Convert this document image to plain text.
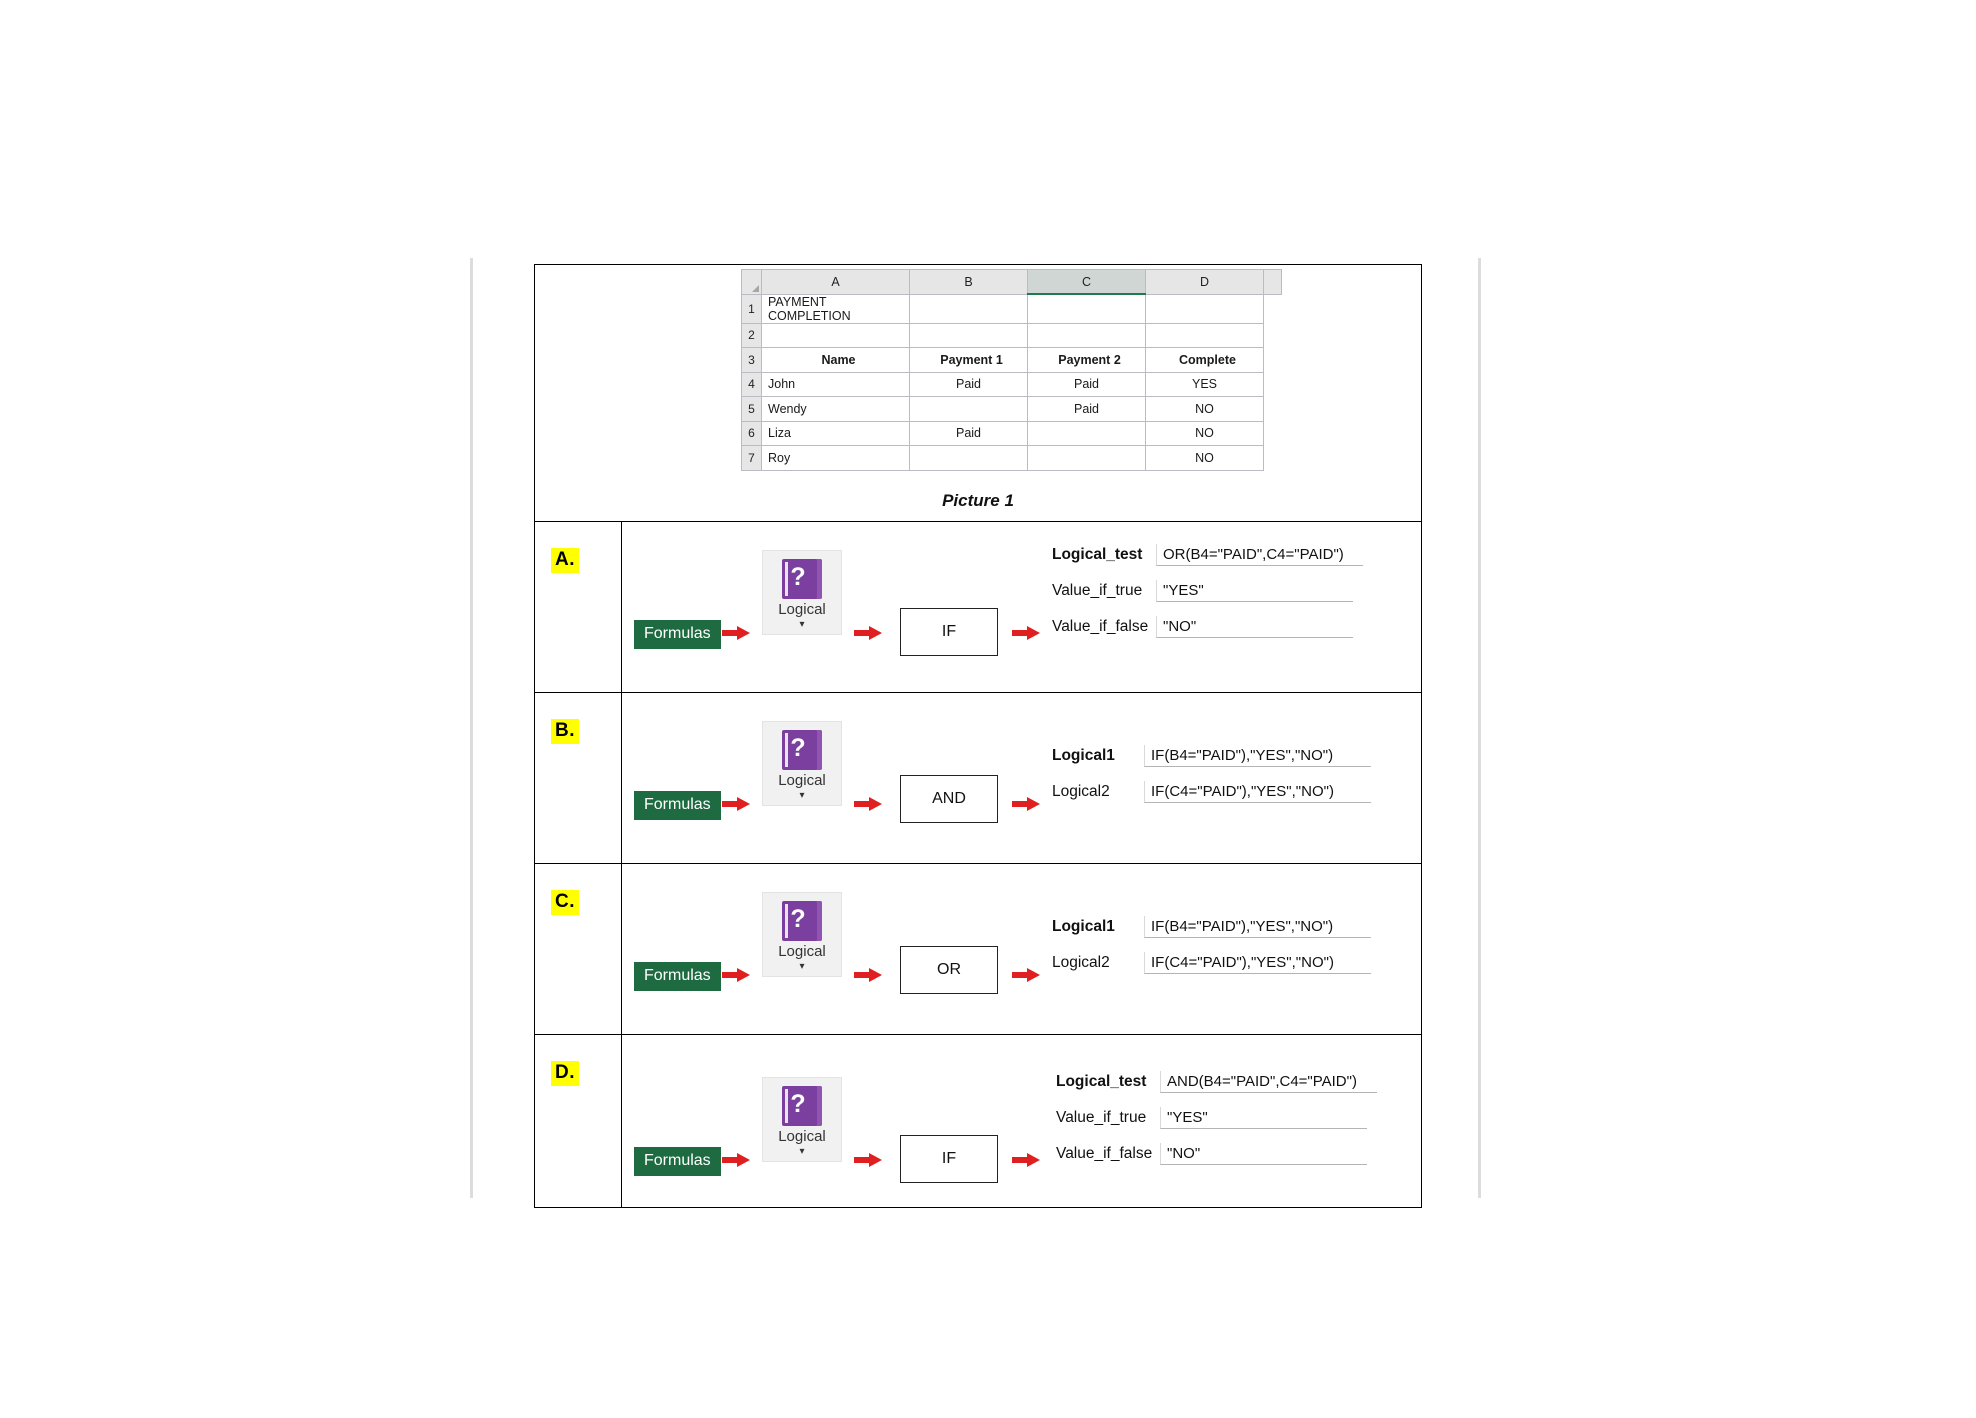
	A	B	C	D	
1	PAYMENT COMPLETION				
2					
3	Name	Payment 1	Payment 2	Complete	
4	John	Paid	Paid	YES	
5	Wendy		Paid	NO	
6	Liza	Paid		NO	
7	Roy			NO	
Picture 1
A.
Formulas
?
Logical
▾	IF
Logical_test	OR(B4="PAID",C4="PAID")
Value_if_true	"YES"
Value_if_false "NO"
B.
Formulas
?
Logical
▾	AND
Logical1	IF(B4="PAID"),"YES","NO")
Logical2	IF(C4="PAID"),"YES","NO")
C.
Formulas
?
Logical
▾	OR
Logical1	IF(B4="PAID"),"YES","NO")
Logical2	IF(C4="PAID"),"YES","NO")
D.
Formulas
?
Logical
▾	IF
Logical_test	AND(B4="PAID",C4="PAID")
Value_if_true	"YES"
Value_if_false "NO"
